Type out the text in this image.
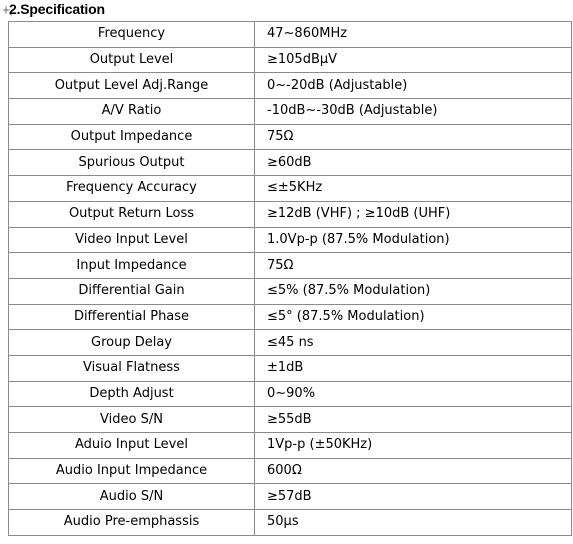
2.Specification
Frequency	47~860MHz
Output Level	≥105dBμV
Output Level Adj.Range	0~-20dB (Adjustable)
A/V Ratio	-10dB~-30dB (Adjustable)
Output Impedance	75Ω
Spurious Output	≥60dB
Frequency Accuracy	≤±5KHz
Output Return Loss	≥12dB (VHF) ; ≥10dB (UHF)
Video Input Level	1.0Vp-p (87.5% Modulation)
Input Impedance	75Ω
Differential Gain	≤5% (87.5% Modulation)
Differential Phase	≤5° (87.5% Modulation)
Group Delay	≤45 ns
Visual Flatness	±1dB
Depth Adjust	0~90%
Video S/N	≥55dB
Aduio Input Level	1Vp-p (±50KHz)
Audio Input Impedance	600Ω
Audio S/N	≥57dB
Audio Pre-emphassis	50μs
